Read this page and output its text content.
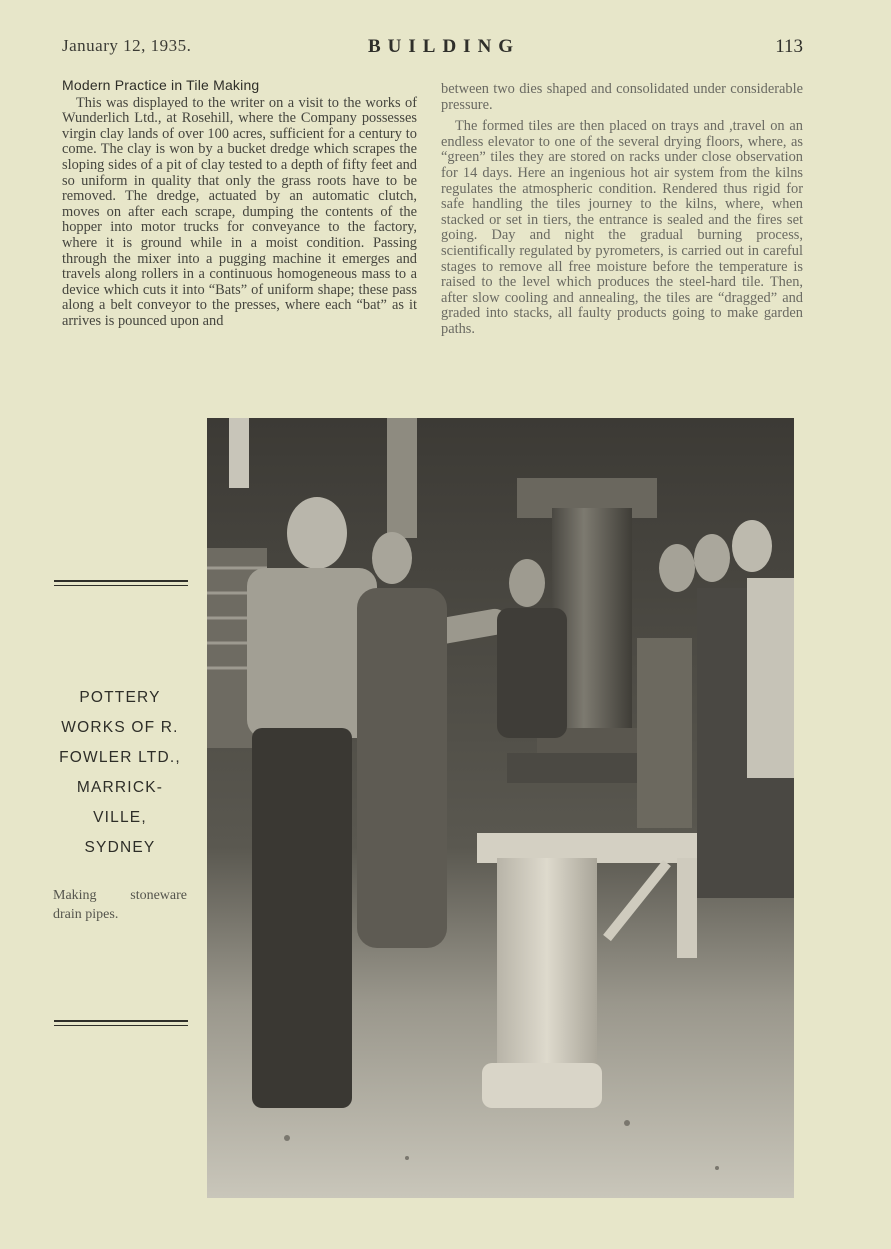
January 12, 1935.	BUILDING	113
Modern Practice in Tile Making

This was displayed to the writer on a visit to the works of Wunderlich Ltd., at Rosehill, where the Company possesses virgin clay lands of over 100 acres, sufficient for a century to come. The clay is won by a bucket dredge which scrapes the sloping sides of a pit of clay tested to a depth of fifty feet and so uniform in quality that only the grass roots have to be removed. The dredge, actuated by an automatic clutch, moves on after each scrape, dumping the contents of the hopper into motor trucks for conveyance to the factory, where it is ground while in a moist condition. Passing through the mixer into a pugging machine it emerges and travels along rollers in a continuous homogeneous mass to a device which cuts it into “Bats” of uniform shape; these pass along a belt conveyor to the presses, where each “bat” as it arrives is pounced upon and

between two dies shaped and consolidated under considerable pressure.

The formed tiles are then placed on trays and ,travel on an endless elevator to one of the several drying floors, where, as “green” tiles they are stored on racks under close observation for 14 days. Here an ingenious hot air system from the kilns regulates the atmospheric condition. Rendered thus rigid for safe handling the tiles journey to the kilns, where, when stacked or set in tiers, the entrance is sealed and the fires set going. Day and night the gradual burning process, scientifically regulated by pyrometers, is carried out in careful stages to remove all free moisture before the temperature is raised to the level which produces the steel-hard tile. Then, after slow cooling and annealing, the tiles are “dragged” and graded into stacks, all faulty products going to make garden paths.

POTTERY
WORKS OF R.
FOWLER LTD.,
MARRICK-
VILLE,
SYDNEY
Making stoneware drain pipes.
